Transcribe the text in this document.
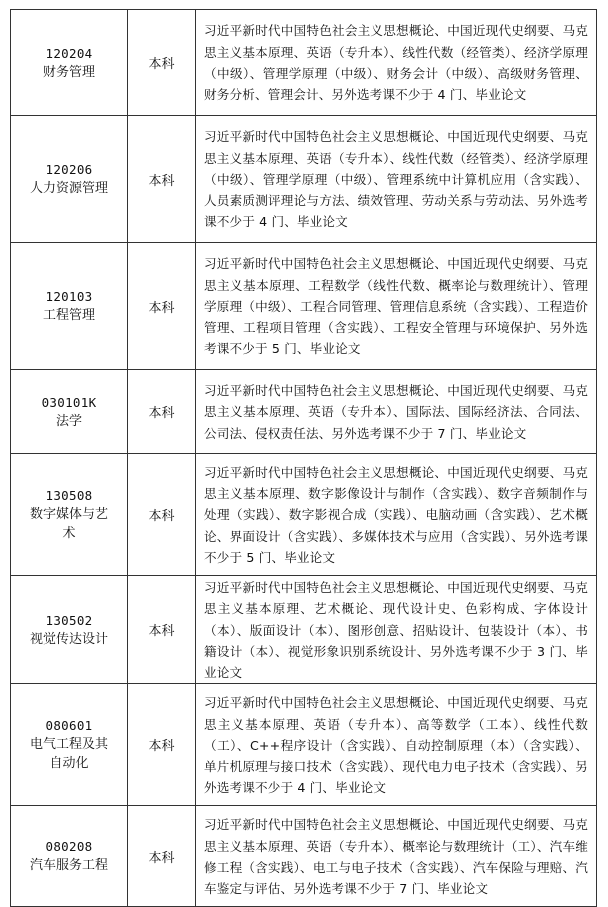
120204
财务管理	本科	习近平新时代中国特色社会主义思想概论、中国近现代史纲要、马克思主义基本原理、英语（专升本）、线性代数（经管类）、经济学原理（中级）、管理学原理（中级）、财务会计（中级）、高级财务管理、财务分析、管理会计、另外选考课不少于 4 门、毕业论文

120206
人力资源管理	本科	习近平新时代中国特色社会主义思想概论、中国近现代史纲要、马克思主义基本原理、英语（专升本）、线性代数（经管类）、经济学原理（中级）、管理学原理（中级）、管理系统中计算机应用（含实践）、人员素质测评理论与方法、绩效管理、劳动关系与劳动法、另外选考课不少于 4 门、毕业论文

120103
工程管理	本科	习近平新时代中国特色社会主义思想概论、中国近现代史纲要、马克思主义基本原理、工程数学（线性代数、概率论与数理统计）、管理学原理（中级）、工程合同管理、管理信息系统（含实践）、工程造价管理、工程项目管理（含实践）、工程安全管理与环境保护、另外选考课不少于 5 门、毕业论文

030101K
法学	本科	习近平新时代中国特色社会主义思想概论、中国近现代史纲要、马克思主义基本原理、英语（专升本）、国际法、国际经济法、合同法、公司法、侵权责任法、另外选考课不少于 7 门、毕业论文

130508
数字媒体与艺术	本科	习近平新时代中国特色社会主义思想概论、中国近现代史纲要、马克思主义基本原理、数字影像设计与制作（含实践）、数字音频制作与处理（实践）、数字影视合成（实践）、电脑动画（含实践）、艺术概论、界面设计（含实践）、多媒体技术与应用（含实践）、另外选考课不少于 5 门、毕业论文

130502
视觉传达设计	本科	习近平新时代中国特色社会主义思想概论、中国近现代史纲要、马克思主义基本原理、艺术概论、现代设计史、色彩构成、字体设计（本）、版面设计（本）、图形创意、招贴设计、包装设计（本）、书籍设计（本）、视觉形象识别系统设计、另外选考课不少于 3 门、毕业论文

080601
电气工程及其自动化	本科	习近平新时代中国特色社会主义思想概论、中国近现代史纲要、马克思主义基本原理、英语（专升本）、高等数学（工本）、线性代数（工）、C++程序设计（含实践）、自动控制原理（本）（含实践）、单片机原理与接口技术（含实践）、现代电力电子技术（含实践）、另外选考课不少于 4 门、毕业论文

080208
汽车服务工程	本科	习近平新时代中国特色社会主义思想概论、中国近现代史纲要、马克思主义基本原理、英语（专升本）、概率论与数理统计（工）、汽车维修工程（含实践）、电工与电子技术（含实践）、汽车保险与理赔、汽车鉴定与评估、另外选考课不少于 7 门、毕业论文
